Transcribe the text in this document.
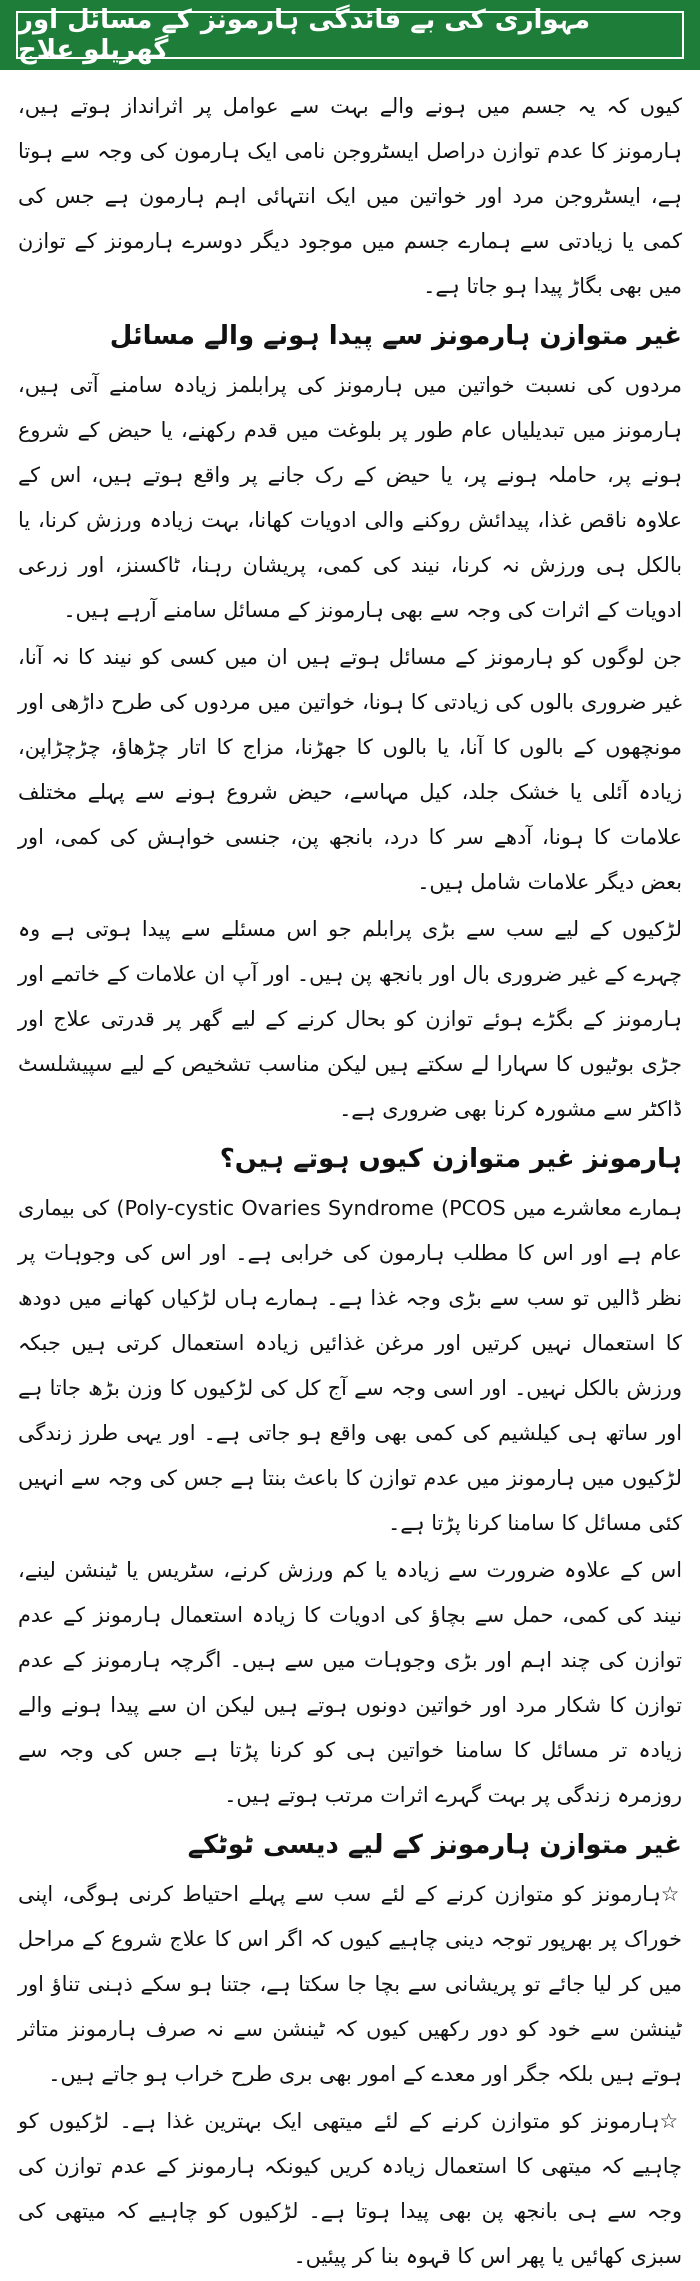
مہواری کی بے قائدگی ہارمونز کے مسائل اور گھریلو علاج

کیوں کہ یہ جسم میں ہونے والے بہت سے عوامل پر اثرانداز ہوتے ہیں، ہارمونز کا عدم توازن دراصل ایسٹروجن نامی ایک ہارمون کی وجہ سے ہوتا ہے، ایسٹروجن مرد اور خواتین میں ایک انتہائی اہم ہارمون ہے جس کی کمی یا زیادتی سے ہمارے جسم میں موجود دیگر دوسرے ہارمونز کے توازن میں بھی بگاڑ پیدا ہو جاتا ہے۔

غیر متوازن ہارمونز سے پیدا ہونے والے مسائل

مردوں کی نسبت خواتین میں ہارمونز کی پرابلمز زیادہ سامنے آتی ہیں، ہارمونز میں تبدیلیاں عام طور پر بلوغت میں قدم رکھنے، یا حیض کے شروع ہونے پر، حاملہ ہونے پر، یا حیض کے رک جانے پر واقع ہوتے ہیں، اس کے علاوہ ناقص غذا، پیدائش روکنے والی ادویات کھانا، بہت زیادہ ورزش کرنا، یا بالکل ہی ورزش نہ کرنا، نیند کی کمی، پریشان رہنا، ٹاکسنز، اور زرعی ادویات کے اثرات کی وجہ سے بھی ہارمونز کے مسائل سامنے آرہے ہیں۔

جن لوگوں کو ہارمونز کے مسائل ہوتے ہیں ان میں کسی کو نیند کا نہ آنا، غیر ضروری بالوں کی زیادتی کا ہونا، خواتین میں مردوں کی طرح داڑھی اور مونچھوں کے بالوں کا آنا، یا بالوں کا جھڑنا، مزاج کا اتار چڑھاؤ، چڑچڑاپن، زیادہ آئلی یا خشک جلد، کیل مہاسے، حیض شروع ہونے سے پہلے مختلف علامات کا ہونا، آدھے سر کا درد، بانجھ پن، جنسی خواہش کی کمی، اور بعض دیگر علامات شامل ہیں۔

لڑکیوں کے لیے سب سے بڑی پرابلم جو اس مسئلے سے پیدا ہوتی ہے وہ چہرے کے غیر ضروری بال اور بانجھ پن ہیں۔ اور آپ ان علامات کے خاتمے اور ہارمونز کے بگڑے ہوئے توازن کو بحال کرنے کے لیے گھر پر قدرتی علاج اور جڑی بوٹیوں کا سہارا لے سکتے ہیں لیکن مناسب تشخیص کے لیے سپیشلسٹ ڈاکٹر سے مشورہ کرنا بھی ضروری ہے۔

ہارمونز غیر متوازن کیوں ہوتے ہیں؟

ہمارے معاشرے میں (Poly-cystic Ovaries Syndrome (PCOS کی بیماری عام ہے اور اس کا مطلب ہارمون کی خرابی ہے۔ اور اس کی وجوہات پر نظر ڈالیں تو سب سے بڑی وجہ غذا ہے۔ ہمارے ہاں لڑکیاں کھانے میں دودھ کا استعمال نہیں کرتیں اور مرغن غذائیں زیادہ استعمال کرتی ہیں جبکہ ورزش بالکل نہیں۔ اور اسی وجہ سے آج کل کی لڑکیوں کا وزن بڑھ جاتا ہے اور ساتھ ہی کیلشیم کی کمی بھی واقع ہو جاتی ہے۔ اور یہی طرز زندگی لڑکیوں میں ہارمونز میں عدم توازن کا باعث بنتا ہے جس کی وجہ سے انہیں کئی مسائل کا سامنا کرنا پڑتا ہے۔

اس کے علاوہ ضرورت سے زیادہ یا کم ورزش کرنے، سٹریس یا ٹینشن لینے، نیند کی کمی، حمل سے بچاؤ کی ادویات کا زیادہ استعمال ہارمونز کے عدم توازن کی چند اہم اور بڑی وجوہات میں سے ہیں۔ اگرچہ ہارمونز کے عدم توازن کا شکار مرد اور خواتین دونوں ہوتے ہیں لیکن ان سے پیدا ہونے والے زیادہ تر مسائل کا سامنا خواتین ہی کو کرنا پڑتا ہے جس کی وجہ سے روزمرہ زندگی پر بہت گہرے اثرات مرتب ہوتے ہیں۔

غیر متوازن ہارمونز کے لیے دیسی ٹوٹکے

☆ہارمونز کو متوازن کرنے کے لئے سب سے پہلے احتیاط کرنی ہوگی، اپنی خوراک پر بھرپور توجہ دینی چاہیے کیوں کہ اگر اس کا علاج شروع کے مراحل میں کر لیا جائے تو پریشانی سے بچا جا سکتا ہے، جتنا ہو سکے ذہنی تناؤ اور ٹینشن سے خود کو دور رکھیں کیوں کہ ٹینشن سے نہ صرف ہارمونز متاثر ہوتے ہیں بلکہ جگر اور معدے کے امور بھی بری طرح خراب ہو جاتے ہیں۔

☆ہارمونز کو متوازن کرنے کے لئے میتھی ایک بہترین غذا ہے۔ لڑکیوں کو چاہیے کہ میتھی کا استعمال زیادہ کریں کیونکہ ہارمونز کے عدم توازن کی وجہ سے ہی بانجھ پن بھی پیدا ہوتا ہے۔ لڑکیوں کو چاہیے کہ میتھی کی سبزی کھائیں یا پھر اس کا قہوہ بنا کر پیئیں۔
